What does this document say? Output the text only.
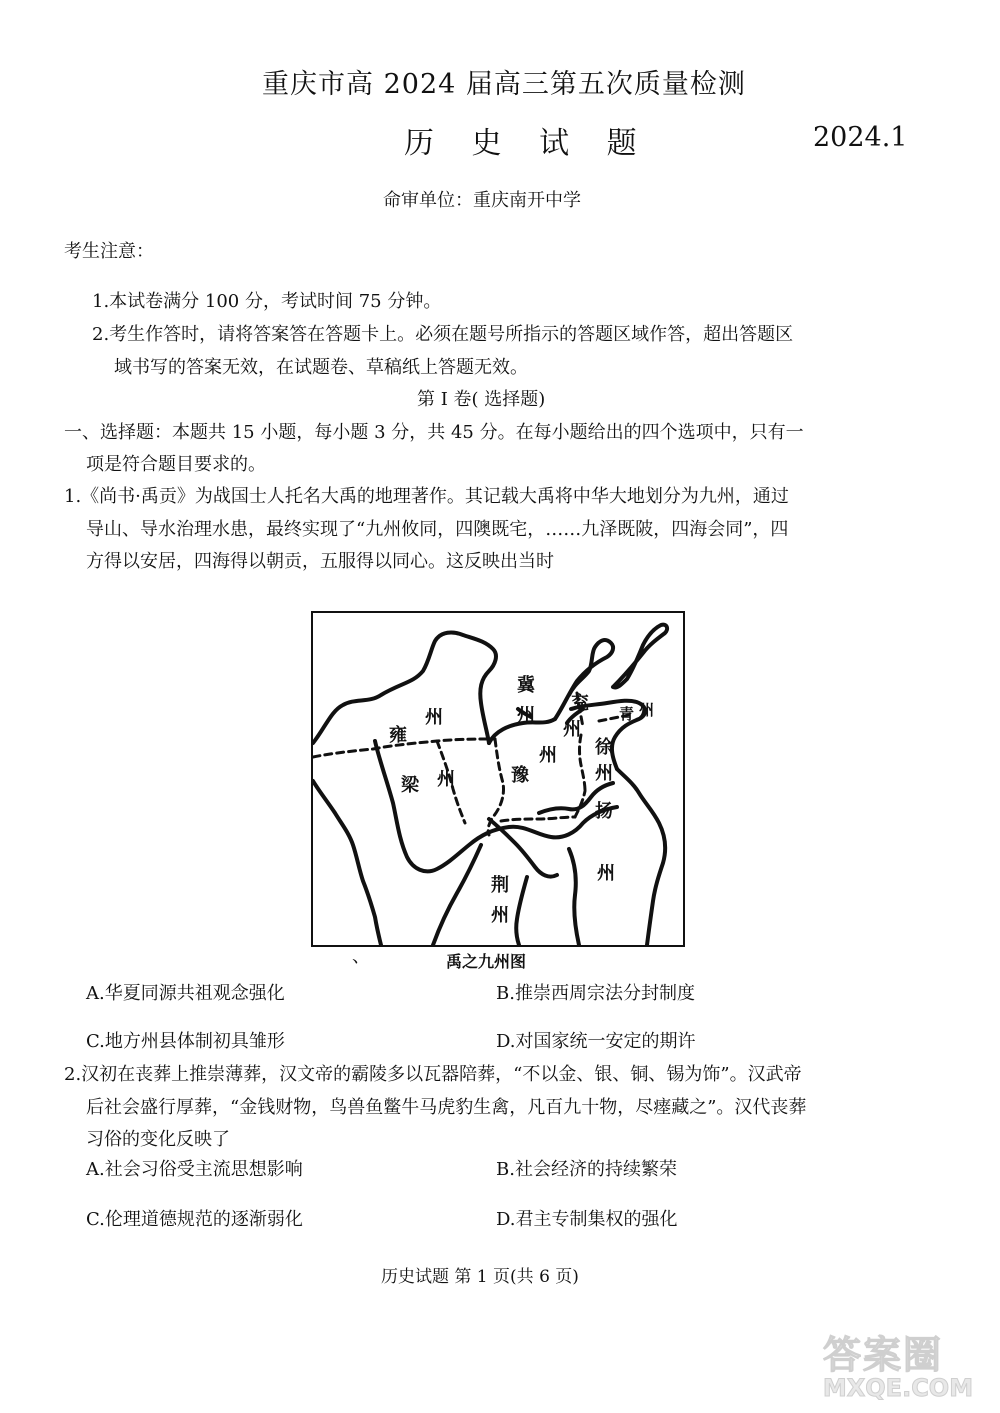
重庆市高 2024 届高三第五次质量检测
历 史 试 题	2024.1
命审单位：重庆南开中学
考生注意：
1.本试卷满分 100 分，考试时间 75 分钟。
2.考生作答时，请将答案答在答题卡上。必须在题号所指示的答题区域作答，超出答题区
域书写的答案无效，在试题卷、草稿纸上答题无效。
第 I 卷( 选择题)
一、选择题：本题共 15 小题，每小题 3 分，共 45 分。在每小题给出的四个选项中，只有一
项是符合题目要求的。
1.《尚书·禹贡》为战国士人托名大禹的地理著作。其记载大禹将中华大地划分为九州，通过
导山、导水治理水患，最终实现了“九州攸同，四隩既宅，……九泽既陂，四海会同”，四
方得以安居，四海得以朝贡，五服得以同心。这反映出当时
州
雍
冀
州
兖
州
青 州
徐
州
州
豫
梁 州
扬
州
荆
州
、	禹之九州图
A.华夏同源共祖观念强化	B.推崇西周宗法分封制度
C.地方州县体制初具雏形	D.对国家统一安定的期许
2.汉初在丧葬上推崇薄葬，汉文帝的霸陵多以瓦器陪葬，“不以金、银、铜、锡为饰”。汉武帝
后社会盛行厚葬，“金钱财物，鸟兽鱼鳖牛马虎豹生禽，凡百九十物，尽瘗藏之”。汉代丧葬
习俗的变化反映了
A.社会习俗受主流思想影响	B.社会经济的持续繁荣
C.伦理道德规范的逐渐弱化	D.君主专制集权的强化
历史试题 第 1 页(共 6 页)
答案圈
MXQE.COM
